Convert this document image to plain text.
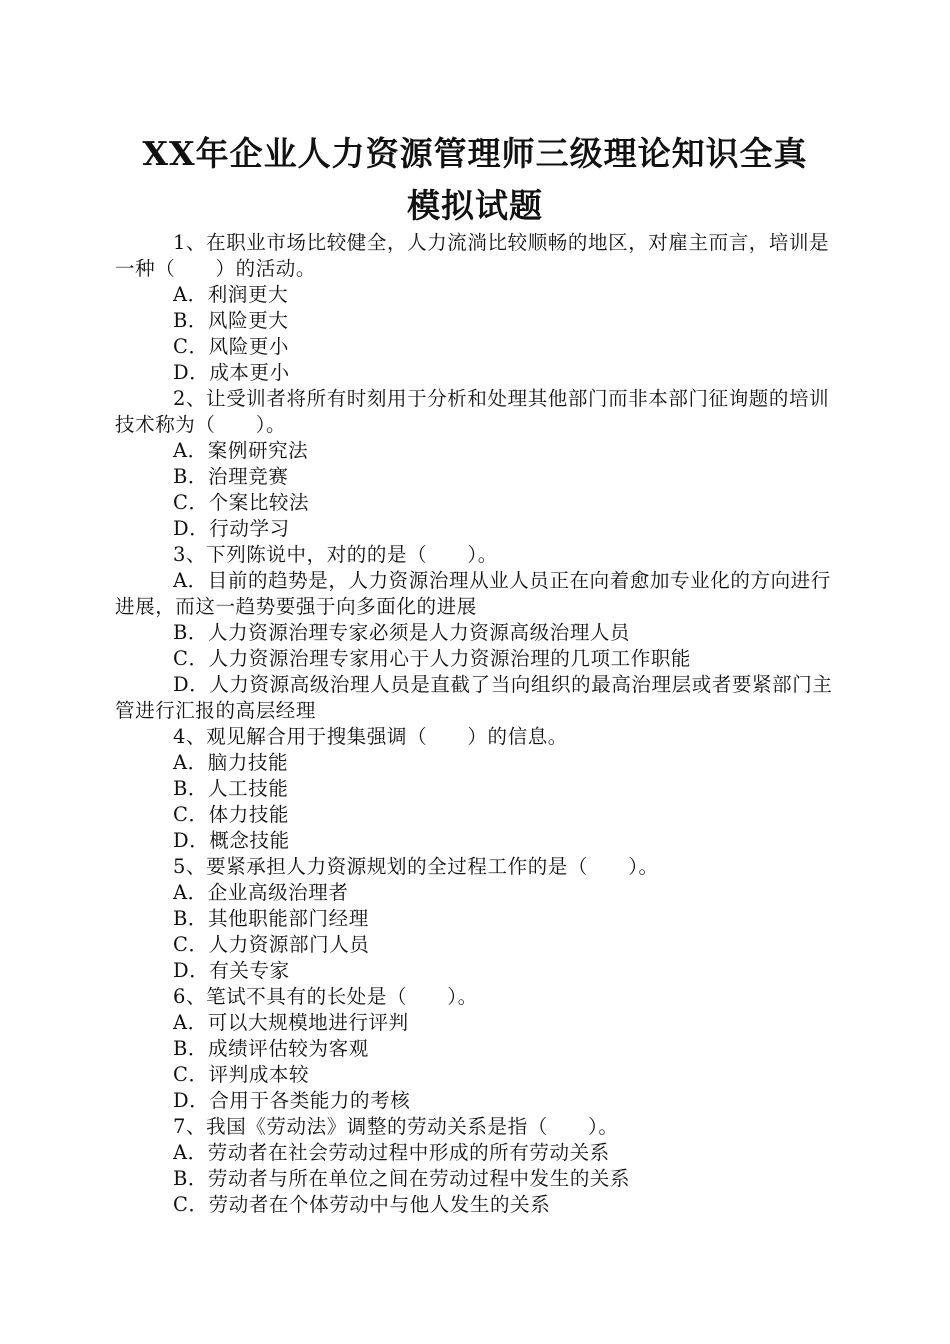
XX年企业人力资源管理师三级理论知识全真
模拟试题

1、在职业市场比较健全，人力流淌比较顺畅的地区，对雇主而言，培训是一种（　　）的活动。

A．利润更大

B．风险更大

C．风险更小

D．成本更小

2、让受训者将所有时刻用于分析和处理其他部门而非本部门征询题的培训技术称为（　　）。

A．案例研究法

B．治理竞赛

C．个案比较法

D．行动学习

3、下列陈说中，对的的是（　　）。

A．目前的趋势是，人力资源治理从业人员正在向着愈加专业化的方向进行进展，而这一趋势要强于向多面化的进展

B．人力资源治理专家必须是人力资源高级治理人员

C．人力资源治理专家用心于人力资源治理的几项工作职能

D．人力资源高级治理人员是直截了当向组织的最高治理层或者要紧部门主管进行汇报的高层经理

4、观见解合用于搜集强调（　　）的信息。

A．脑力技能

B．人工技能

C．体力技能

D．概念技能

5、要紧承担人力资源规划的全过程工作的是（　　）。

A．企业高级治理者

B．其他职能部门经理

C．人力资源部门人员

D．有关专家

6、笔试不具有的长处是（　　）。

A．可以大规模地进行评判

B．成绩评估较为客观

C．评判成本较

D．合用于各类能力的考核

7、我国《劳动法》调整的劳动关系是指（　　）。

A．劳动者在社会劳动过程中形成的所有劳动关系

B．劳动者与所在单位之间在劳动过程中发生的关系

C．劳动者在个体劳动中与他人发生的关系
